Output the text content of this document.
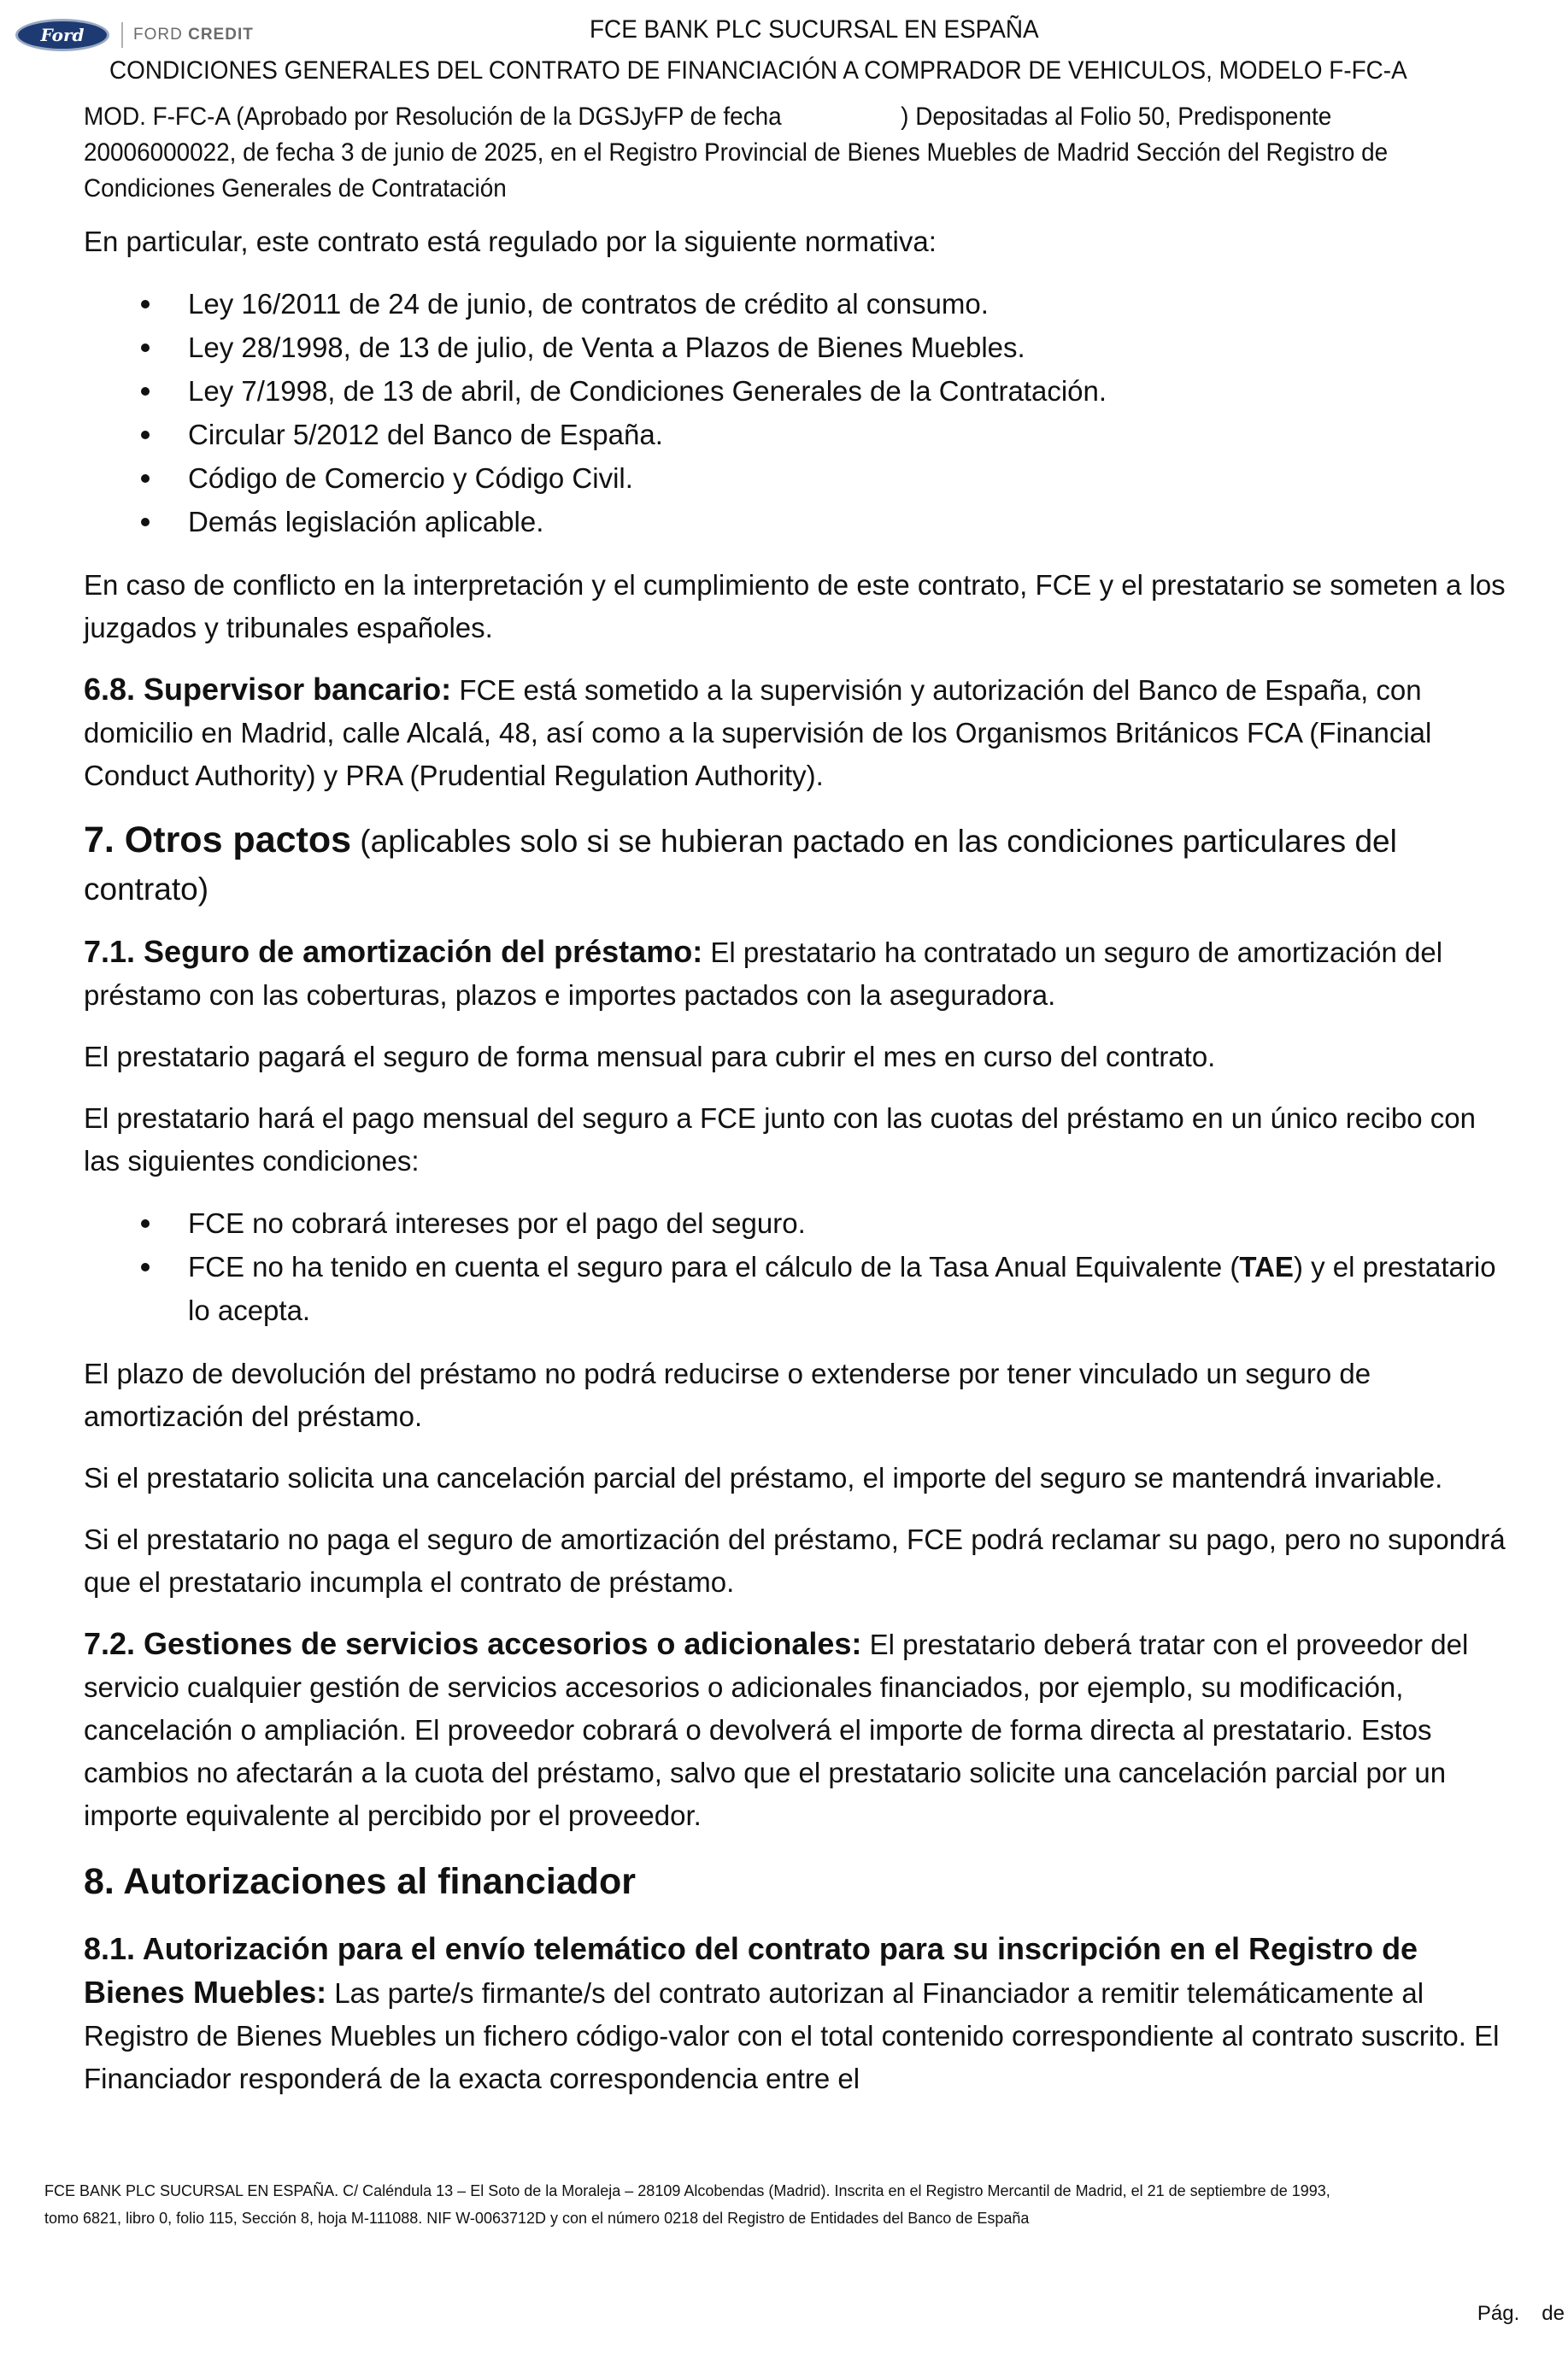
Ford	FORD CREDIT	FCE BANK PLC SUCURSAL EN ESPAÑA
CONDICIONES GENERALES DEL CONTRATO DE FINANCIACIÓN A COMPRADOR DE VEHICULOS, MODELO F-FC-A
MOD. F-FC-A (Aprobado por Resolución de la DGSJyFP de fecha	) Depositadas al Folio 50, Predisponente
20006000022, de fecha 3 de junio de 2025, en el Registro Provincial de Bienes Muebles de Madrid Sección del Registro de
Condiciones Generales de Contratación

En particular, este contrato está regulado por la siguiente normativa:

Ley 16/2011 de 24 de junio, de contratos de crédito al consumo.
Ley 28/1998, de 13 de julio, de Venta a Plazos de Bienes Muebles.
Ley 7/1998, de 13 de abril, de Condiciones Generales de la Contratación.
Circular 5/2012 del Banco de España.
Código de Comercio y Código Civil.
Demás legislación aplicable.

En caso de conflicto en la interpretación y el cumplimiento de este contrato, FCE y el prestatario se someten a los juzgados y tribunales españoles.

6.8. Supervisor bancario: FCE está sometido a la supervisión y autorización del Banco de España, con domicilio en Madrid, calle Alcalá, 48, así como a la supervisión de los Organismos Británicos FCA (Financial Conduct Authority) y PRA (Prudential Regulation Authority).

7. Otros pactos (aplicables solo si se hubieran pactado en las condiciones particulares del contrato)

7.1. Seguro de amortización del préstamo: El prestatario ha contratado un seguro de amortización del préstamo con las coberturas, plazos e importes pactados con la aseguradora.

El prestatario pagará el seguro de forma mensual para cubrir el mes en curso del contrato.

El prestatario hará el pago mensual del seguro a FCE junto con las cuotas del préstamo en un único recibo con las siguientes condiciones:

FCE no cobrará intereses por el pago del seguro.
FCE no ha tenido en cuenta el seguro para el cálculo de la Tasa Anual Equivalente (TAE) y el prestatario lo acepta.

El plazo de devolución del préstamo no podrá reducirse o extenderse por tener vinculado un seguro de amortización del préstamo.

Si el prestatario solicita una cancelación parcial del préstamo, el importe del seguro se mantendrá invariable.

Si el prestatario no paga el seguro de amortización del préstamo, FCE podrá reclamar su pago, pero no supondrá que el prestatario incumpla el contrato de préstamo.

7.2. Gestiones de servicios accesorios o adicionales: El prestatario deberá tratar con el proveedor del servicio cualquier gestión de servicios accesorios o adicionales financiados, por ejemplo, su modificación, cancelación o ampliación. El proveedor cobrará o devolverá el importe de forma directa al prestatario. Estos cambios no afectarán a la cuota del préstamo, salvo que el prestatario solicite una cancelación parcial por un importe equivalente al percibido por el proveedor.

8. Autorizaciones al financiador

8.1. Autorización para el envío telemático del contrato para su inscripción en el Registro de Bienes Muebles: Las parte/s firmante/s del contrato autorizan al Financiador a remitir telemáticamente al Registro de Bienes Muebles un fichero código-valor con el total contenido correspondiente al contrato suscrito. El Financiador responderá de la exacta correspondencia entre el

FCE BANK PLC SUCURSAL EN ESPAÑA. C/ Caléndula 13 – El Soto de la Moraleja – 28109 Alcobendas (Madrid). Inscrita en el Registro Mercantil de Madrid, el 21 de septiembre de 1993,
tomo 6821, libro 0, folio 115, Sección 8, hoja M-111088. NIF W-0063712D y con el número 0218 del Registro de Entidades del Banco de España
Pág. de
